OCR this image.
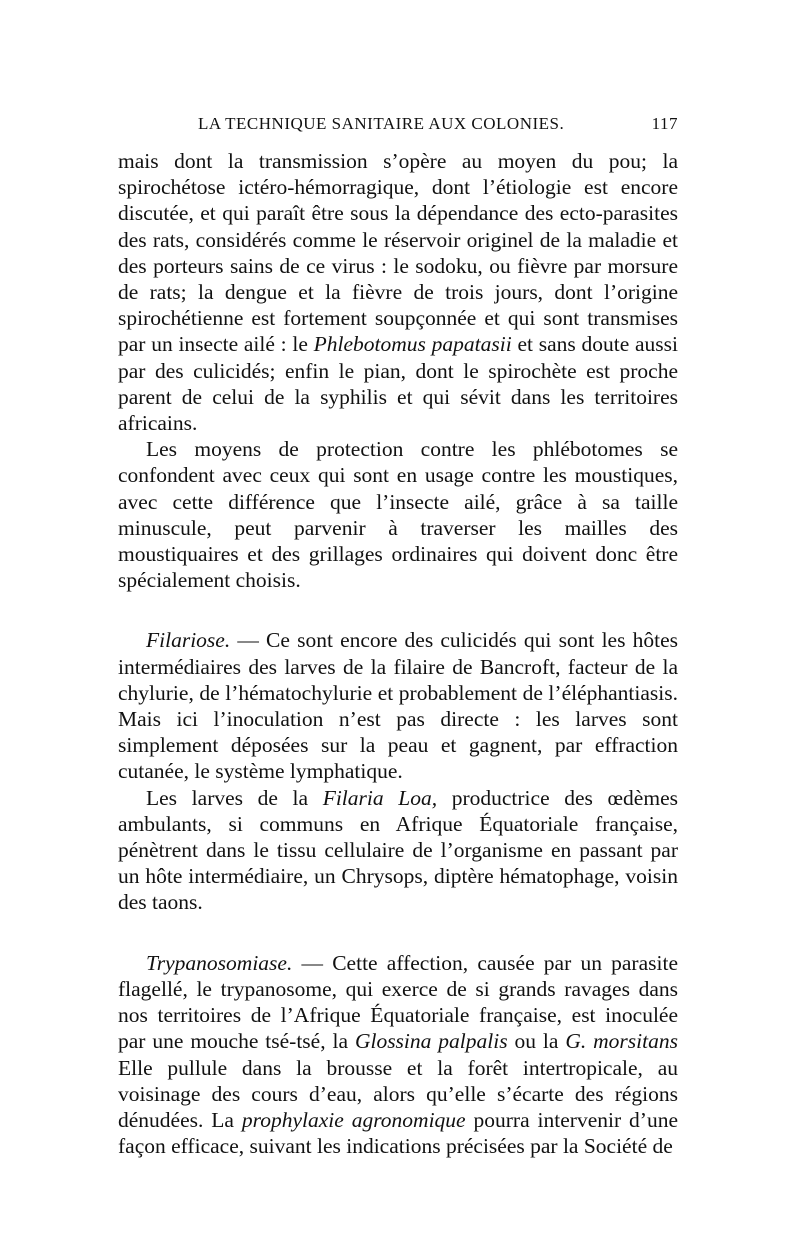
LA TECHNIQUE SANITAIRE AUX COLONIES.	117

mais dont la transmission s’opère au moyen du pou; la spirochétose ictéro-hémorragique, dont l’étiologie est encore discutée, et qui paraît être sous la dépendance des ecto-parasites des rats, considérés comme le réservoir originel de la maladie et des porteurs sains de ce virus : le sodoku, ou fièvre par morsure de rats; la dengue et la fièvre de trois jours, dont l’origine spirochétienne est fortement soupçonnée et qui sont transmises par un insecte ailé : le Phlebotomus papatasii et sans doute aussi par des culicidés; enfin le pian, dont le spirochète est proche parent de celui de la syphilis et qui sévit dans les territoires africains.

Les moyens de protection contre les phlébotomes se confondent avec ceux qui sont en usage contre les moustiques, avec cette différence que l’insecte ailé, grâce à sa taille minuscule, peut parvenir à traverser les mailles des moustiquaires et des grillages ordinaires qui doivent donc être spécialement choisis.

Filariose. — Ce sont encore des culicidés qui sont les hôtes intermédiaires des larves de la filaire de Bancroft, facteur de la chylurie, de l’hématochylurie et probablement de l’éléphantiasis. Mais ici l’inoculation n’est pas directe : les larves sont simplement déposées sur la peau et gagnent, par effraction cutanée, le système lymphatique.

Les larves de la Filaria Loa, productrice des œdèmes ambulants, si communs en Afrique Équatoriale française, pénètrent dans le tissu cellulaire de l’organisme en passant par un hôte intermédiaire, un Chrysops, diptère hématophage, voisin des taons.

Trypanosomiase. — Cette affection, causée par un parasite flagellé, le trypanosome, qui exerce de si grands ravages dans nos territoires de l’Afrique Équatoriale française, est inoculée par une mouche tsé-tsé, la Glossina palpalis ou la G. morsitans Elle pullule dans la brousse et la forêt intertropicale, au voisinage des cours d’eau, alors qu’elle s’écarte des régions dénudées. La prophylaxie agronomique pourra intervenir d’une façon efficace, suivant les indications précisées par la Société de
